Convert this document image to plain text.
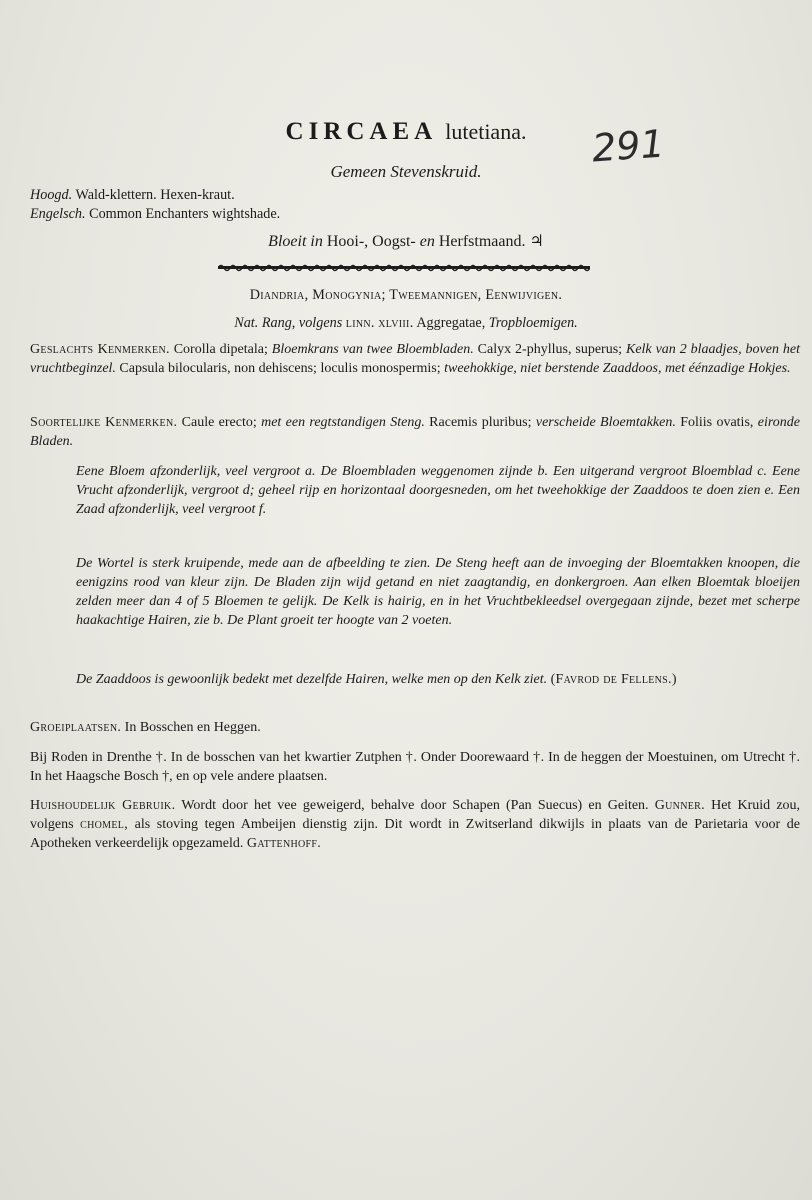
CIRCAEA lutetiana.	291
Gemeen Stevenskruid.
Hoogd. Wald-klettern. Hexen-kraut.
Engelsch. Common Enchanters wightshade.
Bloeit in Hooi-, Oogst- en Herfstmaand. ♃
Diandria, Monogynia; Tweemannigen, Eenwijvigen.
Nat. Rang, volgens linn. xlviii. Aggregatae, Tropbloemigen.
Geslachts Kenmerken. Corolla dipetala; Bloemkrans van twee Bloembladen. Calyx 2-phyllus, superus; Kelk van 2 blaadjes, boven het vruchtbeginzel. Capsula bilocularis, non dehiscens; loculis monospermis; tweehokkige, niet berstende Zaaddoos, met éénzadige Hokjes.
Soortelijke Kenmerken. Caule erecto; met een regtstandigen Steng. Racemis pluribus; verscheide Bloemtakken. Foliis ovatis, eironde Bladen.
Eene Bloem afzonderlijk, veel vergroot a. De Bloembladen weggenomen zijnde b. Een uitgerand vergroot Bloemblad c. Eene Vrucht afzonderlijk, vergroot d; geheel rijp en horizontaal doorgesneden, om het tweehokkige der Zaaddoos te doen zien e. Een Zaad afzonderlijk, veel vergroot f.
De Wortel is sterk kruipende, mede aan de afbeelding te zien. De Steng heeft aan de invoeging der Bloemtakken knoopen, die eenigzins rood van kleur zijn. De Bladen zijn wijd getand en niet zaagtandig, en donkergroen. Aan elken Bloemtak bloeijen zelden meer dan 4 of 5 Bloemen te gelijk. De Kelk is hairig, en in het Vruchtbekleedsel overgegaan zijnde, bezet met scherpe haakachtige Hairen, zie b. De Plant groeit ter hoogte van 2 voeten.
De Zaaddoos is gewoonlijk bedekt met dezelfde Hairen, welke men op den Kelk ziet. (Favrod de Fellens.)
Groeiplaatsen. In Bosschen en Heggen.
Bij Roden in Drenthe †. In de bosschen van het kwartier Zutphen †. Onder Doorewaard †. In de heggen der Moestuinen, om Utrecht †. In het Haagsche Bosch †, en op vele andere plaatsen.
Huishoudelijk Gebruik. Wordt door het vee geweigerd, behalve door Schapen (Pan Suecus) en Geiten. Gunner. Het Kruid zou, volgens chomel, als stoving tegen Ambeijen dienstig zijn. Dit wordt in Zwitserland dikwijls in plaats van de Parietaria voor de Apotheken verkeerdelijk opgezameld. Gattenhoff.
